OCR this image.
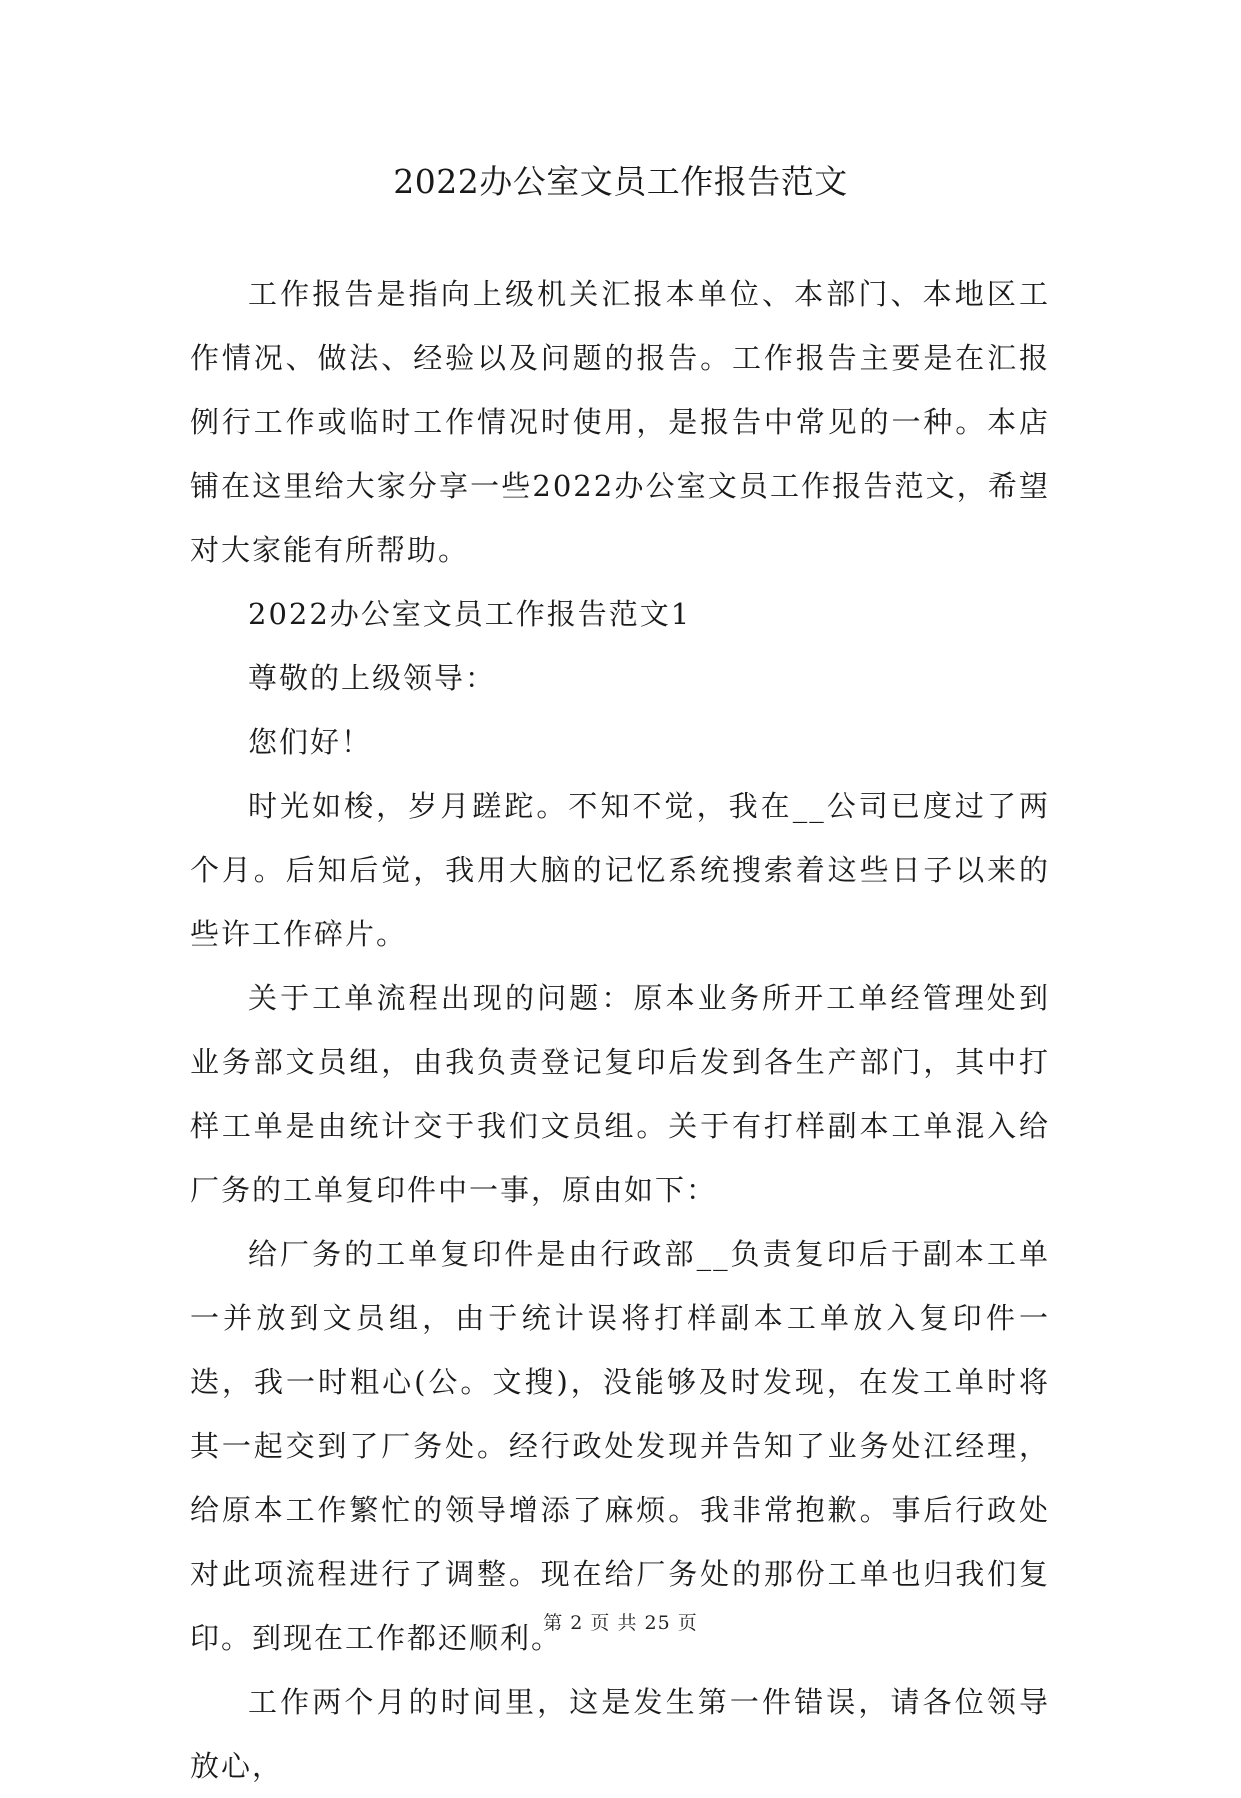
2022办公室文员工作报告范文

工作报告是指向上级机关汇报本单位、本部门、本地区工作情况、做法、经验以及问题的报告。工作报告主要是在汇报例行工作或临时工作情况时使用，是报告中常见的一种。本店铺在这里给大家分享一些2022办公室文员工作报告范文，希望对大家能有所帮助。

2022办公室文员工作报告范文1

尊敬的上级领导：

您们好！

时光如梭，岁月蹉跎。不知不觉，我在__公司已度过了两个月。后知后觉，我用大脑的记忆系统搜索着这些日子以来的些许工作碎片。

关于工单流程出现的问题：原本业务所开工单经管理处到业务部文员组，由我负责登记复印后发到各生产部门，其中打样工单是由统计交于我们文员组。关于有打样副本工单混入给厂务的工单复印件中一事，原由如下：

给厂务的工单复印件是由行政部__负责复印后于副本工单一并放到文员组，由于统计误将打样副本工单放入复印件一迭，我一时粗心(公。文搜)，没能够及时发现，在发工单时将其一起交到了厂务处。经行政处发现并告知了业务处江经理，给原本工作繁忙的领导增添了麻烦。我非常抱歉。事后行政处对此项流程进行了调整。现在给厂务处的那份工单也归我们复印。到现在工作都还顺利。

工作两个月的时间里，这是发生第一件错误，请各位领导放心，

第 2 页 共 25 页
